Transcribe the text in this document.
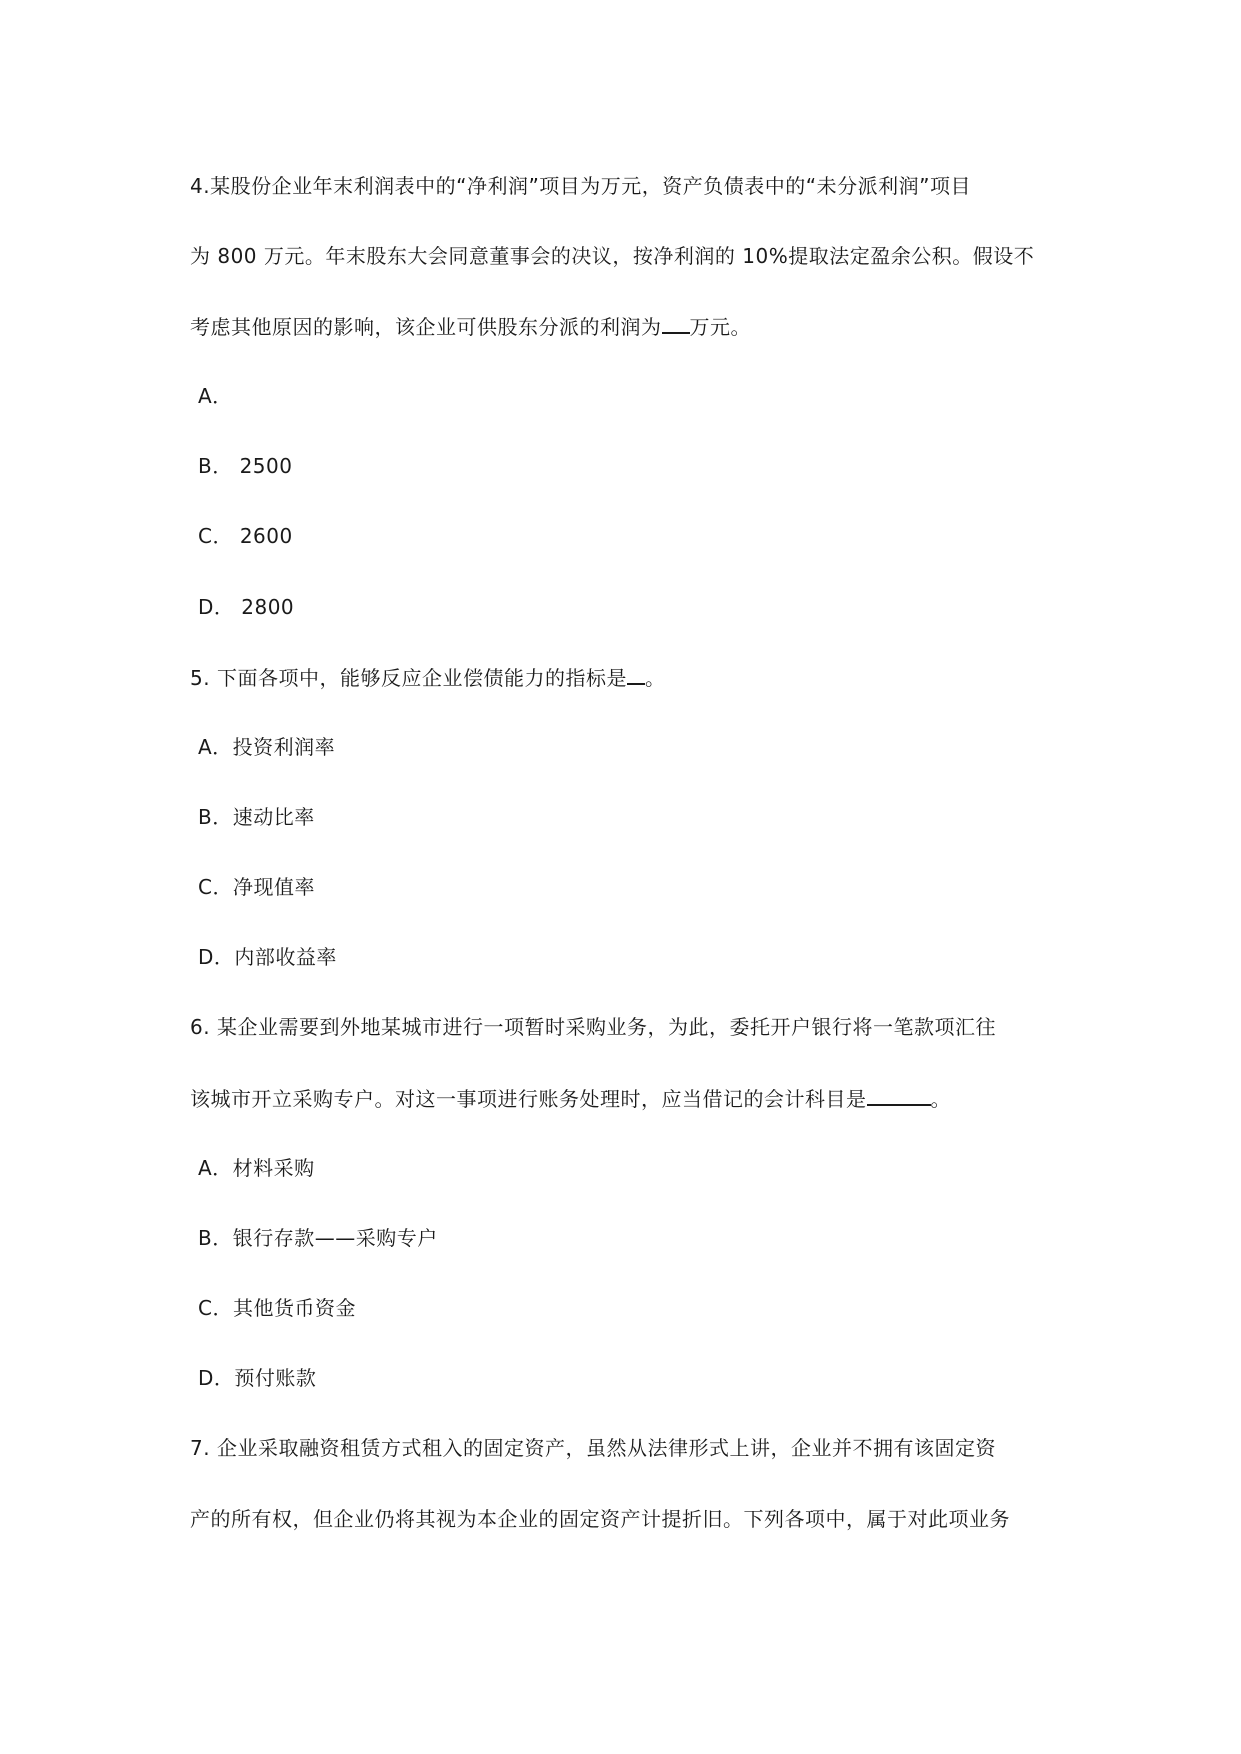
4.某股份企业年末利润表中的“净利润”项目为万元，资产负债表中的“未分派利润”项目
为 800 万元。年末股东大会同意董事会的决议，按净利润的 10%提取法定盈余公积。假设不
考虑其他原因的影响，该企业可供股东分派的利润为 万元。
A．
B． 2500
C． 2600
D． 2800
5. 下面各项中，能够反应企业偿债能力的指标是 。
A．投资利润率
B．速动比率
C．净现值率
D．内部收益率
6. 某企业需要到外地某城市进行一项暂时采购业务，为此，委托开户银行将一笔款项汇往
该城市开立采购专户。对这一事项进行账务处理时，应当借记的会计科目是	。
A．材料采购
B．银行存款——采购专户
C．其他货币资金
D．预付账款
7. 企业采取融资租赁方式租入的固定资产，虽然从法律形式上讲，企业并不拥有该固定资
产的所有权，但企业仍将其视为本企业的固定资产计提折旧。下列各项中，属于对此项业务
